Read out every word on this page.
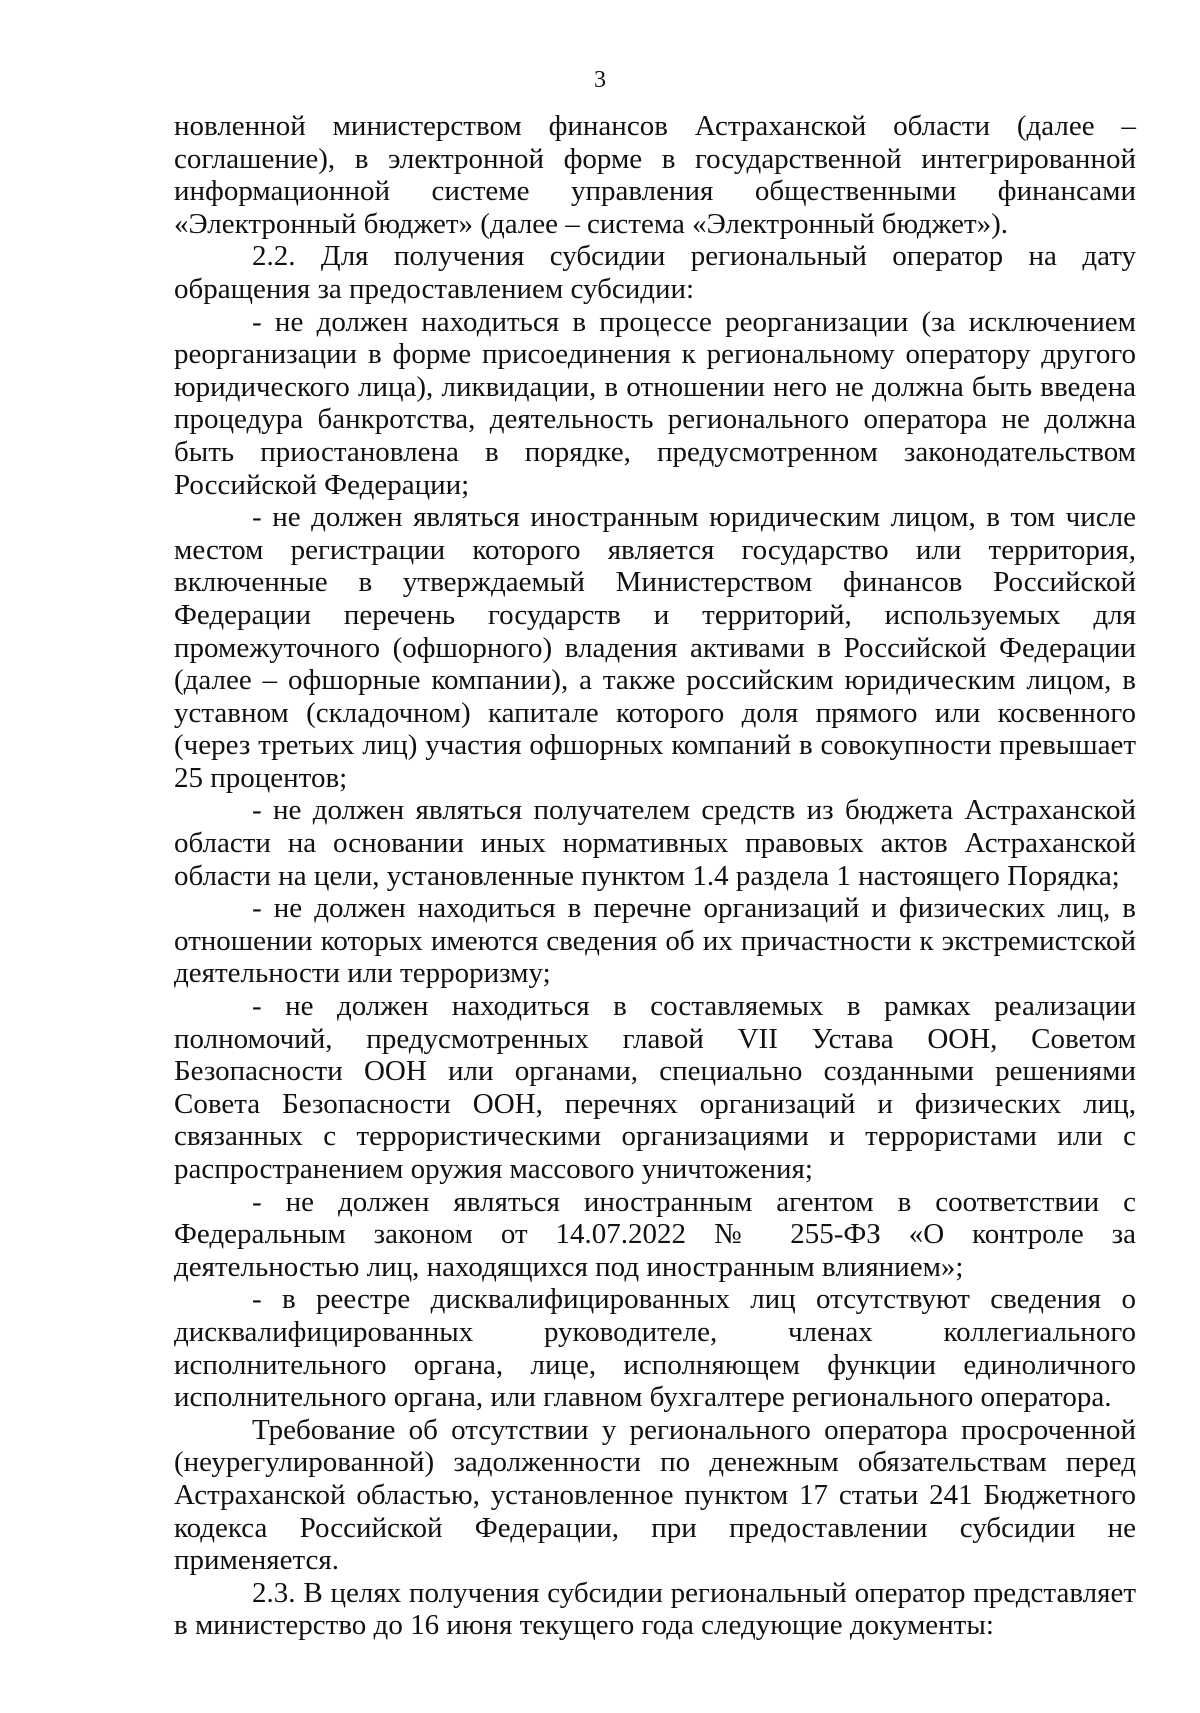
3

новленной министерством финансов Астраханской области (далее – соглашение), в электронной форме в государственной интегрированной информационной системе управления общественными финансами «Электронный бюджет» (далее – система «Электронный бюджет»).

2.2. Для получения субсидии региональный оператор на дату обращения за предоставлением субсидии:

- не должен находиться в процессе реорганизации (за исключением реорганизации в форме присоединения к региональному оператору другого юридического лица), ликвидации, в отношении него не должна быть введена процедура банкротства, деятельность регионального оператора не должна быть приостановлена в порядке, предусмотренном законодательством Российской Федерации;

- не должен являться иностранным юридическим лицом, в том числе местом регистрации которого является государство или территория, включенные в утверждаемый Министерством финансов Российской Федерации перечень государств и территорий, используемых для промежуточного (офшорного) владения активами в Российской Федерации (далее – офшорные компании), а также российским юридическим лицом, в уставном (складочном) капитале которого доля прямого или косвенного (через третьих лиц) участия офшорных компаний в совокупности превышает 25 процентов;

- не должен являться получателем средств из бюджета Астраханской области на основании иных нормативных правовых актов Астраханской области на цели, установленные пунктом 1.4 раздела 1 настоящего Порядка;

- не должен находиться в перечне организаций и физических лиц, в отношении которых имеются сведения об их причастности к экстремистской деятельности или терроризму;

- не должен находиться в составляемых в рамках реализации полномочий, предусмотренных главой VII Устава ООН, Советом Безопасности ООН или органами, специально созданными решениями Совета Безопасности ООН, перечнях организаций и физических лиц, связанных с террористическими организациями и террористами или с распространением оружия массового уничтожения;

- не должен являться иностранным агентом в соответствии с Федеральным законом от 14.07.2022 № 255-ФЗ «О контроле за деятельностью лиц, находящихся под иностранным влиянием»;

- в реестре дисквалифицированных лиц отсутствуют сведения о дисквалифицированных руководителе, членах коллегиального исполнительного органа, лице, исполняющем функции единоличного исполнительного органа, или главном бухгалтере регионального оператора.

Требование об отсутствии у регионального оператора просроченной (неурегулированной) задолженности по денежным обязательствам перед Астраханской областью, установленное пунктом 17 статьи 241 Бюджетного кодекса Российской Федерации, при предоставлении субсидии не применяется.

2.3. В целях получения субсидии региональный оператор представляет в министерство до 16 июня текущего года следующие документы:
